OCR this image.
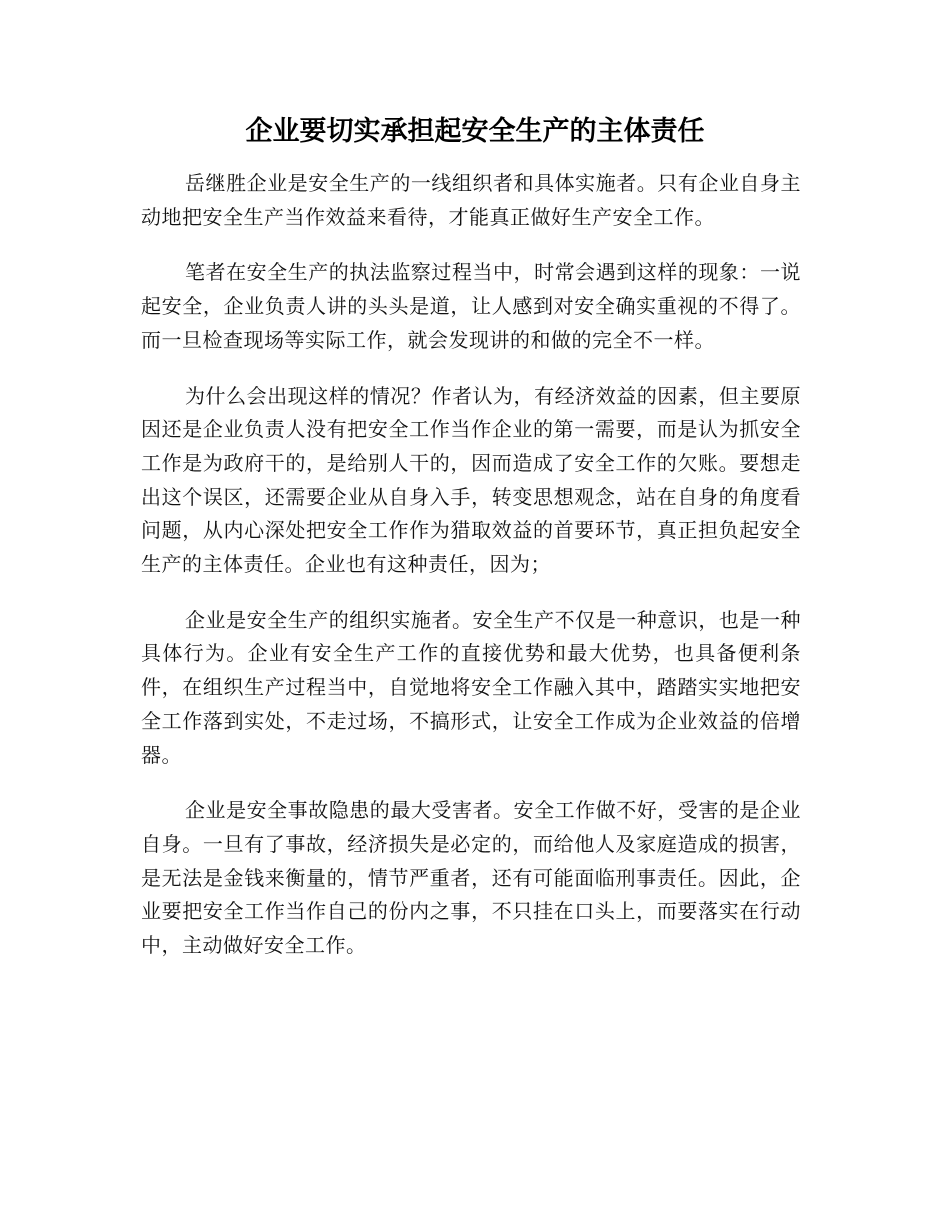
企业要切实承担起安全生产的主体责任

岳继胜企业是安全生产的一线组织者和具体实施者。只有企业自身主动地把安全生产当作效益来看待，才能真正做好生产安全工作。

笔者在安全生产的执法监察过程当中，时常会遇到这样的现象：一说起安全，企业负责人讲的头头是道，让人感到对安全确实重视的不得了。而一旦检查现场等实际工作，就会发现讲的和做的完全不一样。

为什么会出现这样的情况？作者认为，有经济效益的因素，但主要原因还是企业负责人没有把安全工作当作企业的第一需要，而是认为抓安全工作是为政府干的，是给别人干的，因而造成了安全工作的欠账。要想走出这个误区，还需要企业从自身入手，转变思想观念，站在自身的角度看问题，从内心深处把安全工作作为猎取效益的首要环节，真正担负起安全生产的主体责任。企业也有这种责任，因为；

企业是安全生产的组织实施者。安全生产不仅是一种意识，也是一种具体行为。企业有安全生产工作的直接优势和最大优势，也具备便利条件，在组织生产过程当中，自觉地将安全工作融入其中，踏踏实实地把安全工作落到实处，不走过场，不搞形式，让安全工作成为企业效益的倍增器。

企业是安全事故隐患的最大受害者。安全工作做不好，受害的是企业自身。一旦有了事故，经济损失是必定的，而给他人及家庭造成的损害，是无法是金钱来衡量的，情节严重者，还有可能面临刑事责任。因此，企业要把安全工作当作自己的份内之事，不只挂在口头上，而要落实在行动中，主动做好安全工作。
